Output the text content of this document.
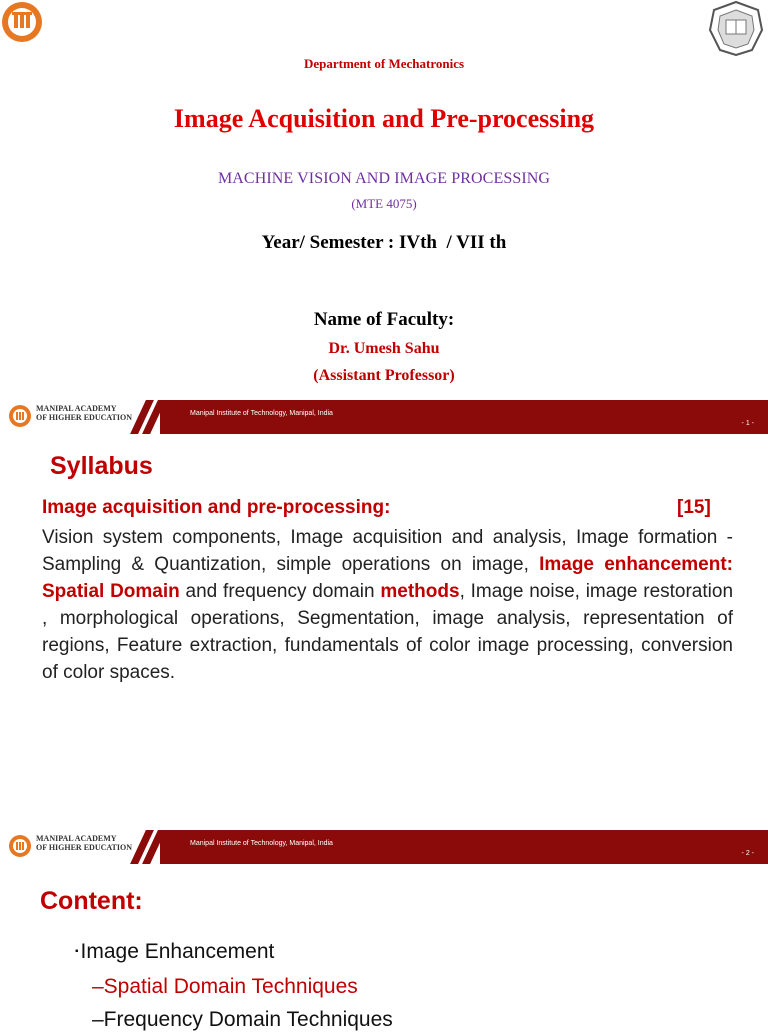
Department of Mechatronics
Image Acquisition and Pre-processing
MACHINE VISION AND IMAGE PROCESSING
(MTE 4075)
Year/ Semester : IVth  / VII th
Name of Faculty:
Dr. Umesh Sahu
(Assistant Professor)
MANIPAL ACADEMY
OF HIGHER EDUCATION	Manipal Institute of Technology, Manipal, India
- 1 -
Syllabus
Image acquisition and pre-processing:	[15]
Vision system components, Image acquisition and analysis, Image formation - Sampling & Quantization, simple operations on image, Image enhancement: Spatial Domain and frequency domain methods, Image noise, image restoration , morphological operations, Segmentation, image analysis, representation of regions, Feature extraction, fundamentals of color image processing, conversion of color spaces.
MANIPAL ACADEMY
OF HIGHER EDUCATION	Manipal Institute of Technology, Manipal, India
- 2 -
Content:
▪Image Enhancement
–Spatial Domain Techniques
–Frequency Domain Techniques
